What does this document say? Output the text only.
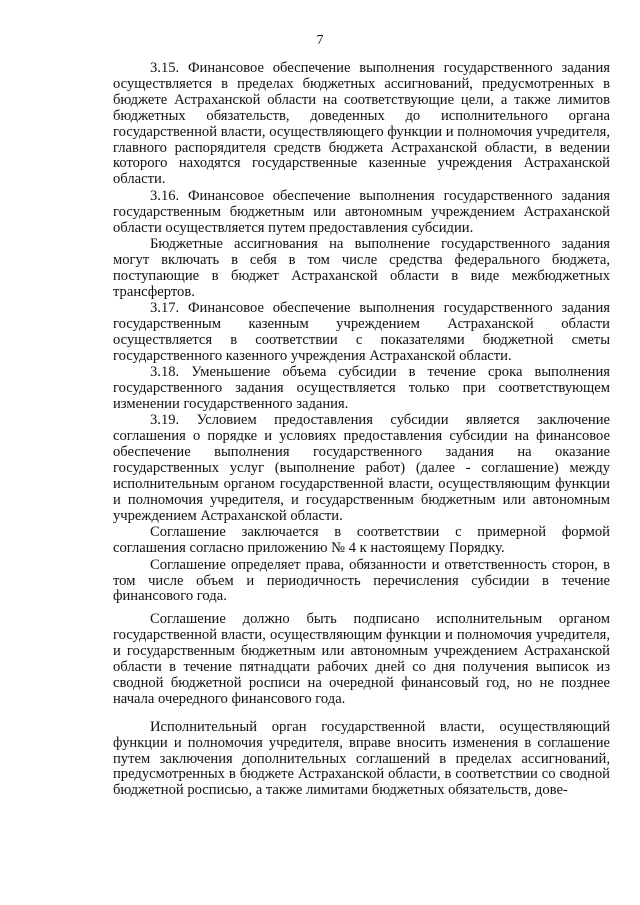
7

3.15. Финансовое обеспечение выполнения государственного задания осуществляется в пределах бюджетных ассигнований, предусмотренных в бюджете Астраханской области на соответствующие цели, а также лимитов бюджетных обязательств, доведенных до исполнительного органа государственной власти, осуществляющего функции и полномочия учредителя, главного распорядителя средств бюджета Астраханской области, в ведении которого находятся государственные казенные учреждения Астраханской области.

3.16. Финансовое обеспечение выполнения государственного задания государственным бюджетным или автономным учреждением Астраханской области осуществляется путем предоставления субсидии.

Бюджетные ассигнования на выполнение государственного задания могут включать в себя в том числе средства федерального бюджета, поступающие в бюджет Астраханской области в виде межбюджетных трансфертов.

3.17. Финансовое обеспечение выполнения государственного задания государственным казенным учреждением Астраханской области осуществляется в соответствии с показателями бюджетной сметы государственного казенного учреждения Астраханской области.

3.18. Уменьшение объема субсидии в течение срока выполнения государственного задания осуществляется только при соответствующем изменении государственного задания.

3.19. Условием предоставления субсидии является заключение соглашения о порядке и условиях предоставления субсидии на финансовое обеспечение выполнения государственного задания на оказание государственных услуг (выполнение работ) (далее - соглашение) между исполнительным органом государственной власти, осуществляющим функции и полномочия учредителя, и государственным бюджетным или автономным учреждением Астраханской области.

Соглашение заключается в соответствии с примерной формой соглашения согласно приложению № 4 к настоящему Порядку.

Соглашение определяет права, обязанности и ответственность сторон, в том числе объем и периодичность перечисления субсидии в течение финансового года.

Соглашение должно быть подписано исполнительным органом государственной власти, осуществляющим функции и полномочия учредителя, и государственным бюджетным или автономным учреждением Астраханской области в течение пятнадцати рабочих дней со дня получения выписок из сводной бюджетной росписи на очередной финансовый год, но не позднее начала очередного финансового года.

Исполнительный орган государственной власти, осуществляющий функции и полномочия учредителя, вправе вносить изменения в соглашение путем заключения дополнительных соглашений в пределах ассигнований, предусмотренных в бюджете Астраханской области, в соответствии со сводной бюджетной росписью, а также лимитами бюджетных обязательств, дове-
